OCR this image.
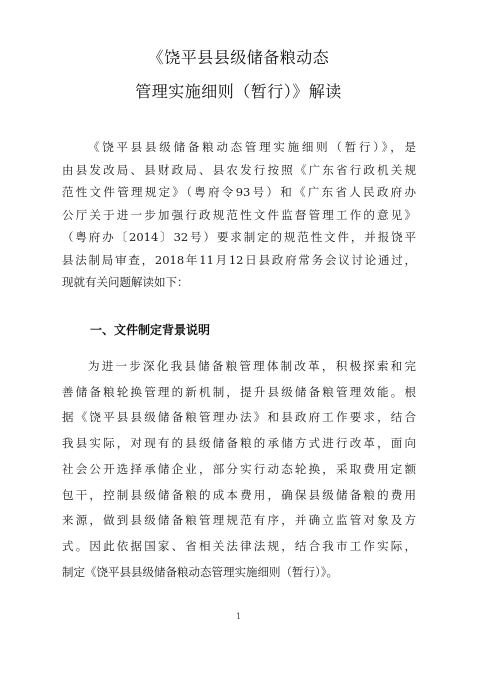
《饶平县县级储备粮动态
管理实施细则（暂行）》解读
《饶平县县级储备粮动态管理实施细则（暂行）》，是
由县发改局、县财政局、县农发行按照《广东省行政机关规
范性文件管理规定》（粤府令93号）和《广东省人民政府办
公厅关于进一步加强行政规范性文件监督管理工作的意见》
（粤府办〔2014〕32号）要求制定的规范性文件，并报饶平
县法制局审查，2018年11月12日县政府常务会议讨论通过，
现就有关问题解读如下：
一、文件制定背景说明
为进一步深化我县储备粮管理体制改革，积极探索和完
善储备粮轮换管理的新机制，提升县级储备粮管理效能。根
据《饶平县县级储备粮管理办法》和县政府工作要求，结合
我县实际，对现有的县级储备粮的承储方式进行改革，面向
社会公开选择承储企业，部分实行动态轮换，采取费用定额
包干，控制县级储备粮的成本费用，确保县级储备粮的费用
来源，做到县级储备粮管理规范有序，并确立监管对象及方
式。因此依据国家、省相关法律法规，结合我市工作实际，
制定《饶平县县级储备粮动态管理实施细则（暂行）》。
1
